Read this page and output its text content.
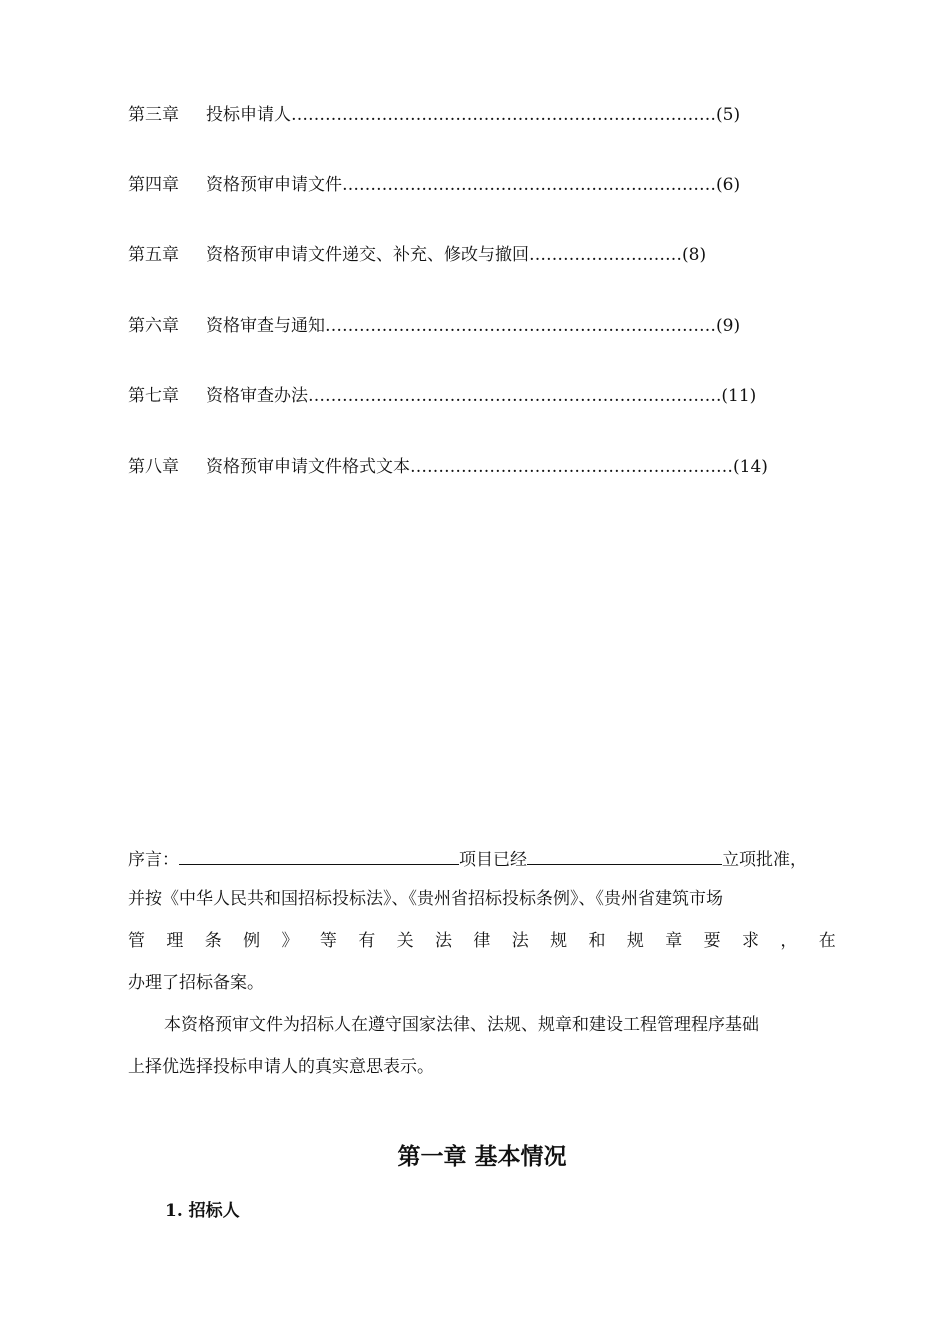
第三章 投标申请人…………………………………………………………………(5)
第四章 资格预审申请文件…………………………………………………………(6)
第五章 资格预审申请文件递交、补充、修改与撤回………………………(8)
第六章 资格审查与通知……………………………………………………………(9)
第七章 资格审查办法……………………………………………………………….(11)
第八章 资格预审申请文件格式文本…………………………………………………(14)
序言：	项目已经	立项批准，
并按《中华人民共和国招标投标法》、《贵州省招标投标条例》、《贵州省建筑市场
管 理 条 例 》 等 有 关 法 律 法 规 和 规 章 要 求 ， 在
办理了招标备案。
本资格预审文件为招标人在遵守国家法律、法规、规章和建设工程管理程序基础
上择优选择投标申请人的真实意思表示。
第一章 基本情况
1. 招标人
